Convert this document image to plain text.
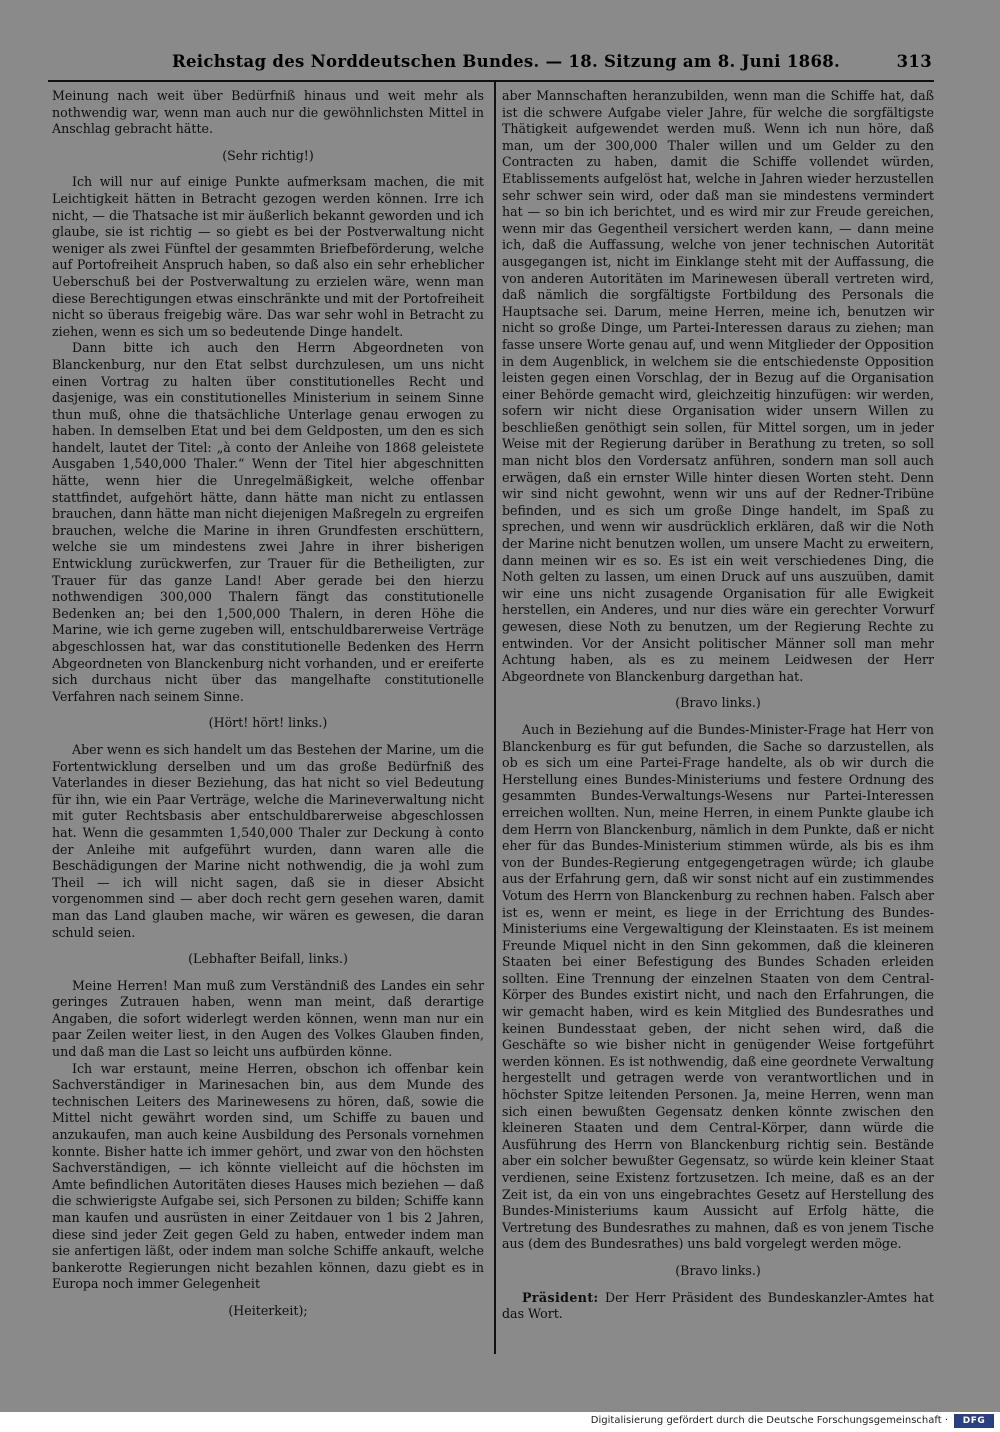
Reichstag des Norddeutschen Bundes. — 18. Sitzung am 8. Juni 1868.	313

Meinung nach weit über Bedürfniß hinaus und weit mehr als nothwendig war, wenn man auch nur die gewöhnlichsten Mittel in Anschlag gebracht hätte.

(Sehr richtig!)

Ich will nur auf einige Punkte aufmerksam machen, die mit Leichtigkeit hätten in Betracht gezogen werden können. Irre ich nicht, — die Thatsache ist mir äußerlich bekannt geworden und ich glaube, sie ist richtig — so giebt es bei der Postverwaltung nicht weniger als zwei Fünftel der gesammten Briefbeförderung, welche auf Portofreiheit Anspruch haben, so daß also ein sehr erheblicher Ueberschuß bei der Postverwaltung zu erzielen wäre, wenn man diese Berechtigungen etwas einschränkte und mit der Portofreiheit nicht so überaus freigebig wäre. Das war sehr wohl in Betracht zu ziehen, wenn es sich um so bedeutende Dinge handelt.

Dann bitte ich auch den Herrn Abgeordneten von Blanckenburg, nur den Etat selbst durchzulesen, um uns nicht einen Vortrag zu halten über constitutionelles Recht und dasjenige, was ein constitutionelles Ministerium in seinem Sinne thun muß, ohne die thatsächliche Unterlage genau erwogen zu haben. In demselben Etat und bei dem Geldposten, um den es sich handelt, lautet der Titel: „à conto der Anleihe von 1868 geleistete Ausgaben 1,540,000 Thaler.“ Wenn der Titel hier abgeschnitten hätte, wenn hier die Unregelmäßigkeit, welche offenbar stattfindet, aufgehört hätte, dann hätte man nicht zu entlassen brauchen, dann hätte man nicht diejenigen Maßregeln zu ergreifen brauchen, welche die Marine in ihren Grundfesten erschüttern, welche sie um mindestens zwei Jahre in ihrer bisherigen Entwicklung zurückwerfen, zur Trauer für die Betheiligten, zur Trauer für das ganze Land! Aber gerade bei den hierzu nothwendigen 300,000 Thalern fängt das constitutionelle Bedenken an; bei den 1,500,000 Thalern, in deren Höhe die Marine, wie ich gerne zugeben will, entschuldbarerweise Verträge abgeschlossen hat, war das constitutionelle Bedenken des Herrn Abgeordneten von Blanckenburg nicht vorhanden, und er ereiferte sich durchaus nicht über das mangelhafte constitutionelle Verfahren nach seinem Sinne.

(Hört! hört! links.)

Aber wenn es sich handelt um das Bestehen der Marine, um die Fortentwicklung derselben und um das große Bedürfniß des Vaterlandes in dieser Beziehung, das hat nicht so viel Bedeutung für ihn, wie ein Paar Verträge, welche die Marineverwaltung nicht mit guter Rechtsbasis aber entschuldbarerweise abgeschlossen hat. Wenn die gesammten 1,540,000 Thaler zur Deckung à conto der Anleihe mit aufgeführt wurden, dann waren alle die Beschädigungen der Marine nicht nothwendig, die ja wohl zum Theil — ich will nicht sagen, daß sie in dieser Absicht vorgenommen sind — aber doch recht gern gesehen waren, damit man das Land glauben mache, wir wären es gewesen, die daran schuld seien.

(Lebhafter Beifall, links.)

Meine Herren! Man muß zum Verständniß des Landes ein sehr geringes Zutrauen haben, wenn man meint, daß derartige Angaben, die sofort widerlegt werden können, wenn man nur ein paar Zeilen weiter liest, in den Augen des Volkes Glauben finden, und daß man die Last so leicht uns aufbürden könne.

Ich war erstaunt, meine Herren, obschon ich offenbar kein Sachverständiger in Marinesachen bin, aus dem Munde des technischen Leiters des Marinewesens zu hören, daß, sowie die Mittel nicht gewährt worden sind, um Schiffe zu bauen und anzukaufen, man auch keine Ausbildung des Personals vornehmen konnte. Bisher hatte ich immer gehört, und zwar von den höchsten Sachverständigen, — ich könnte vielleicht auf die höchsten im Amte befindlichen Autoritäten dieses Hauses mich beziehen — daß die schwierigste Aufgabe sei, sich Personen zu bilden; Schiffe kann man kaufen und ausrüsten in einer Zeitdauer von 1 bis 2 Jahren, diese sind jeder Zeit gegen Geld zu haben, entweder indem man sie anfertigen läßt, oder indem man solche Schiffe ankauft, welche bankerotte Regierungen nicht bezahlen können, dazu giebt es in Europa noch immer Gelegenheit

(Heiterkeit);

aber Mannschaften heranzubilden, wenn man die Schiffe hat, daß ist die schwere Aufgabe vieler Jahre, für welche die sorgfältigste Thätigkeit aufgewendet werden muß. Wenn ich nun höre, daß man, um der 300,000 Thaler willen und um Gelder zu den Contracten zu haben, damit die Schiffe vollendet würden, Etablissements aufgelöst hat, welche in Jahren wieder herzustellen sehr schwer sein wird, oder daß man sie mindestens vermindert hat — so bin ich berichtet, und es wird mir zur Freude gereichen, wenn mir das Gegentheil versichert werden kann, — dann meine ich, daß die Auffassung, welche von jener technischen Autorität ausgegangen ist, nicht im Einklange steht mit der Auffassung, die von anderen Autoritäten im Marinewesen überall vertreten wird, daß nämlich die sorgfältigste Fortbildung des Personals die Hauptsache sei. Darum, meine Herren, meine ich, benutzen wir nicht so große Dinge, um Partei-Interessen daraus zu ziehen; man fasse unsere Worte genau auf, und wenn Mitglieder der Opposition in dem Augenblick, in welchem sie die entschiedenste Opposition leisten gegen einen Vorschlag, der in Bezug auf die Organisation einer Behörde gemacht wird, gleichzeitig hinzufügen: wir werden, sofern wir nicht diese Organisation wider unsern Willen zu beschließen genöthigt sein sollen, für Mittel sorgen, um in jeder Weise mit der Regierung darüber in Berathung zu treten, so soll man nicht blos den Vordersatz anführen, sondern man soll auch erwägen, daß ein ernster Wille hinter diesen Worten steht. Denn wir sind nicht gewohnt, wenn wir uns auf der Redner-Tribüne befinden, und es sich um große Dinge handelt, im Spaß zu sprechen, und wenn wir ausdrücklich erklären, daß wir die Noth der Marine nicht benutzen wollen, um unsere Macht zu erweitern, dann meinen wir es so. Es ist ein weit verschiedenes Ding, die Noth gelten zu lassen, um einen Druck auf uns auszuüben, damit wir eine uns nicht zusagende Organisation für alle Ewigkeit herstellen, ein Anderes, und nur dies wäre ein gerechter Vorwurf gewesen, diese Noth zu benutzen, um der Regierung Rechte zu entwinden. Vor der Ansicht politischer Männer soll man mehr Achtung haben, als es zu meinem Leidwesen der Herr Abgeordnete von Blanckenburg dargethan hat.

(Bravo links.)

Auch in Beziehung auf die Bundes-Minister-Frage hat Herr von Blanckenburg es für gut befunden, die Sache so darzustellen, als ob es sich um eine Partei-Frage handelte, als ob wir durch die Herstellung eines Bundes-Ministeriums und festere Ordnung des gesammten Bundes-Verwaltungs-Wesens nur Partei-Interessen erreichen wollten. Nun, meine Herren, in einem Punkte glaube ich dem Herrn von Blanckenburg, nämlich in dem Punkte, daß er nicht eher für das Bundes-Ministerium stimmen würde, als bis es ihm von der Bundes-Regierung entgegengetragen würde; ich glaube aus der Erfahrung gern, daß wir sonst nicht auf ein zustimmendes Votum des Herrn von Blanckenburg zu rechnen haben. Falsch aber ist es, wenn er meint, es liege in der Errichtung des Bundes-Ministeriums eine Vergewaltigung der Kleinstaaten. Es ist meinem Freunde Miquel nicht in den Sinn gekommen, daß die kleineren Staaten bei einer Befestigung des Bundes Schaden erleiden sollten. Eine Trennung der einzelnen Staaten von dem Central-Körper des Bundes existirt nicht, und nach den Erfahrungen, die wir gemacht haben, wird es kein Mitglied des Bundesrathes und keinen Bundesstaat geben, der nicht sehen wird, daß die Geschäfte so wie bisher nicht in genügender Weise fortgeführt werden können. Es ist nothwendig, daß eine geordnete Verwaltung hergestellt und getragen werde von verantwortlichen und in höchster Spitze leitenden Personen. Ja, meine Herren, wenn man sich einen bewußten Gegensatz denken könnte zwischen den kleineren Staaten und dem Central-Körper, dann würde die Ausführung des Herrn von Blanckenburg richtig sein. Bestände aber ein solcher bewußter Gegensatz, so würde kein kleiner Staat verdienen, seine Existenz fortzusetzen. Ich meine, daß es an der Zeit ist, da ein von uns eingebrachtes Gesetz auf Herstellung des Bundes-Ministeriums kaum Aussicht auf Erfolg hätte, die Vertretung des Bundesrathes zu mahnen, daß es von jenem Tische aus (dem des Bundesrathes) uns bald vorgelegt werden möge.

(Bravo links.)

Präsident: Der Herr Präsident des Bundeskanzler-Amtes hat das Wort.

Digitalisierung gefördert durch die Deutsche Forschungsgemeinschaft ·	DFG
